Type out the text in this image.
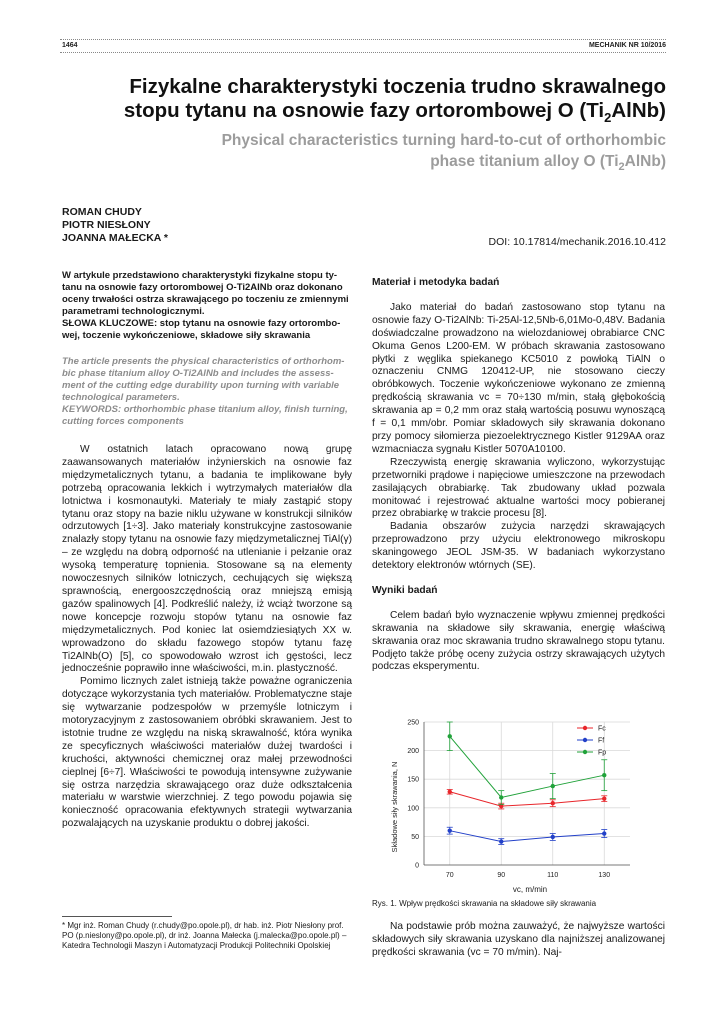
1464	MECHANIK NR 10/2016
Fizykalne charakterystyki toczenia trudno skrawalnego
stopu tytanu na osnowie fazy ortorombowej O $(Ti_2AlNb)$
Physical characteristics turning hard-to-cut of orthorhombic
phase titanium alloy O $(Ti_2AlNb)$
ROMAN CHUDY
PIOTR NIESŁONY
JOANNA MAŁECKA *	DOI: 10.17814/mechanik.2016.10.412
W artykule przedstawiono charakterystyki fizykalne stopu ty-
tanu na osnowie fazy ortorombowej O-Ti2AlNb oraz dokonano
oceny trwałości ostrza skrawającego po toczeniu ze zmiennymi
parametrami technologicznymi.
SŁOWA KLUCZOWE: stop tytanu na osnowie fazy ortorombo-
wej, toczenie wykończeniowe, składowe siły skrawania
The article presents the physical characteristics of orthorhom-
bic phase titanium alloy O-Ti2AlNb and includes the assess-
ment of the cutting edge durability upon turning with variable
technological parameters.
KEYWORDS: orthorhombic phase titanium alloy, finish turning,
cutting forces components

W ostatnich latach opracowano nową grupę zaawansowanych materiałów inżynierskich na osnowie faz międzymetalicznych tytanu, a badania te implikowane były potrzebą opracowania lekkich i wytrzymałych materiałów dla lotnictwa i kosmonautyki. Materiały te miały zastąpić stopy tytanu oraz stopy na bazie niklu używane w konstrukcji silników odrzutowych [1÷3]. Jako materiały konstrukcyjne zastosowanie znalazły stopy tytanu na osnowie fazy międzymetalicznej TiAl(γ) – ze względu na dobrą odporność na utlenianie i pełzanie oraz wysoką temperaturę topnienia. Stosowane są na elementy nowoczesnych silników lotniczych, cechujących się większą sprawnością, energooszczędnością oraz mniejszą emisją gazów spalinowych [4]. Podkreślić należy, iż wciąż tworzone są nowe koncepcje rozwoju stopów tytanu na osnowie faz międzymetalicznych. Pod koniec lat osiemdziesiątych XX w. wprowadzono do składu fazowego stopów tytanu fazę Ti2AlNb(O) [5], co spowodowało wzrost ich gęstości, lecz jednocześnie poprawiło inne właściwości, m.in. plastyczność.

Pomimo licznych zalet istnieją także poważne ograniczenia dotyczące wykorzystania tych materiałów. Problematyczne staje się wytwarzanie podzespołów w przemyśle lotniczym i motoryzacyjnym z zastosowaniem obróbki skrawaniem. Jest to istotnie trudne ze względu na niską skrawalność, która wynika ze specyficznych właściwości materiałów dużej twardości i kruchości, aktywności chemicznej oraz małej przewodności cieplnej [6÷7]. Właściwości te powodują intensywne zużywanie się ostrza narzędzia skrawającego oraz duże odkształcenia materiału w warstwie wierzchniej. Z tego powodu pojawia się konieczność opracowania efektywnych strategii wytwarzania pozwalających na uzyskanie produktu o dobrej jakości.

* Mgr inż. Roman Chudy (r.chudy@po.opole.pl), dr hab. inż. Piotr Niesłony prof. PO (p.nieslony@po.opole.pl), dr inż. Joanna Małecka (j.malecka@po.opole.pl) – Katedra Technologii Maszyn i Automatyzacji Produkcji Politechniki Opolskiej
Materiał i metodyka badań

Jako materiał do badań zastosowano stop tytanu na osnowie fazy O-Ti2AlNb: Ti-25Al-12,5Nb-6,01Mo-0,48V. Badania doświadczalne prowadzono na wielozdaniowej obrabiarce CNC Okuma Genos L200-EM. W próbach skrawania zastosowano płytki z węglika spiekanego KC5010 z powłoką TiAlN o oznaczeniu CNMG 120412-UP, nie stosowano cieczy obróbkowych. Toczenie wykończeniowe wykonano ze zmienną prędkością skrawania vc = 70÷130 m/min, stałą głębokością skrawania ap = 0,2 mm oraz stałą wartością posuwu wynoszącą f = 0,1 mm/obr. Pomiar składowych siły skrawania dokonano przy pomocy siłomierza piezoelektrycznego Kistler 9129AA oraz wzmacniacza sygnału Kistler 5070A10100.

Rzeczywistą energię skrawania wyliczono, wykorzystując przetworniki prądowe i napięciowe umieszczone na przewodach zasilających obrabiarkę. Tak zbudowany układ pozwala monitować i rejestrować aktualne wartości mocy pobieranej przez obrabiarkę w trakcie procesu [8].

Badania obszarów zużycia narzędzi skrawających przeprowadzono przy użyciu elektronowego mikroskopu skaningowego JEOL JSM-35. W badaniach wykorzystano detektory elektronów wtórnych (SE).

Wyniki badań

Celem badań było wyznaczenie wpływu zmiennej prędkości skrawania na składowe siły skrawania, energię właściwą skrawania oraz moc skrawania trudno skrawalnego stopu tytanu. Podjęto także próbę oceny zużycia ostrzy skrawających użytych podczas eksperymentu.

Składowe siły skrawania, N
vc, m/min
0
50
100
150
200
250
70	90	110	130
Fc
Ff
Fp
Rys. 1. Wpływ prędkości skrawania na składowe siły skrawania

Na podstawie prób można zauważyć, że najwyższe wartości składowych siły skrawania uzyskano dla najniższej analizowanej prędkości skrawania (vc = 70 m/min). Naj-
